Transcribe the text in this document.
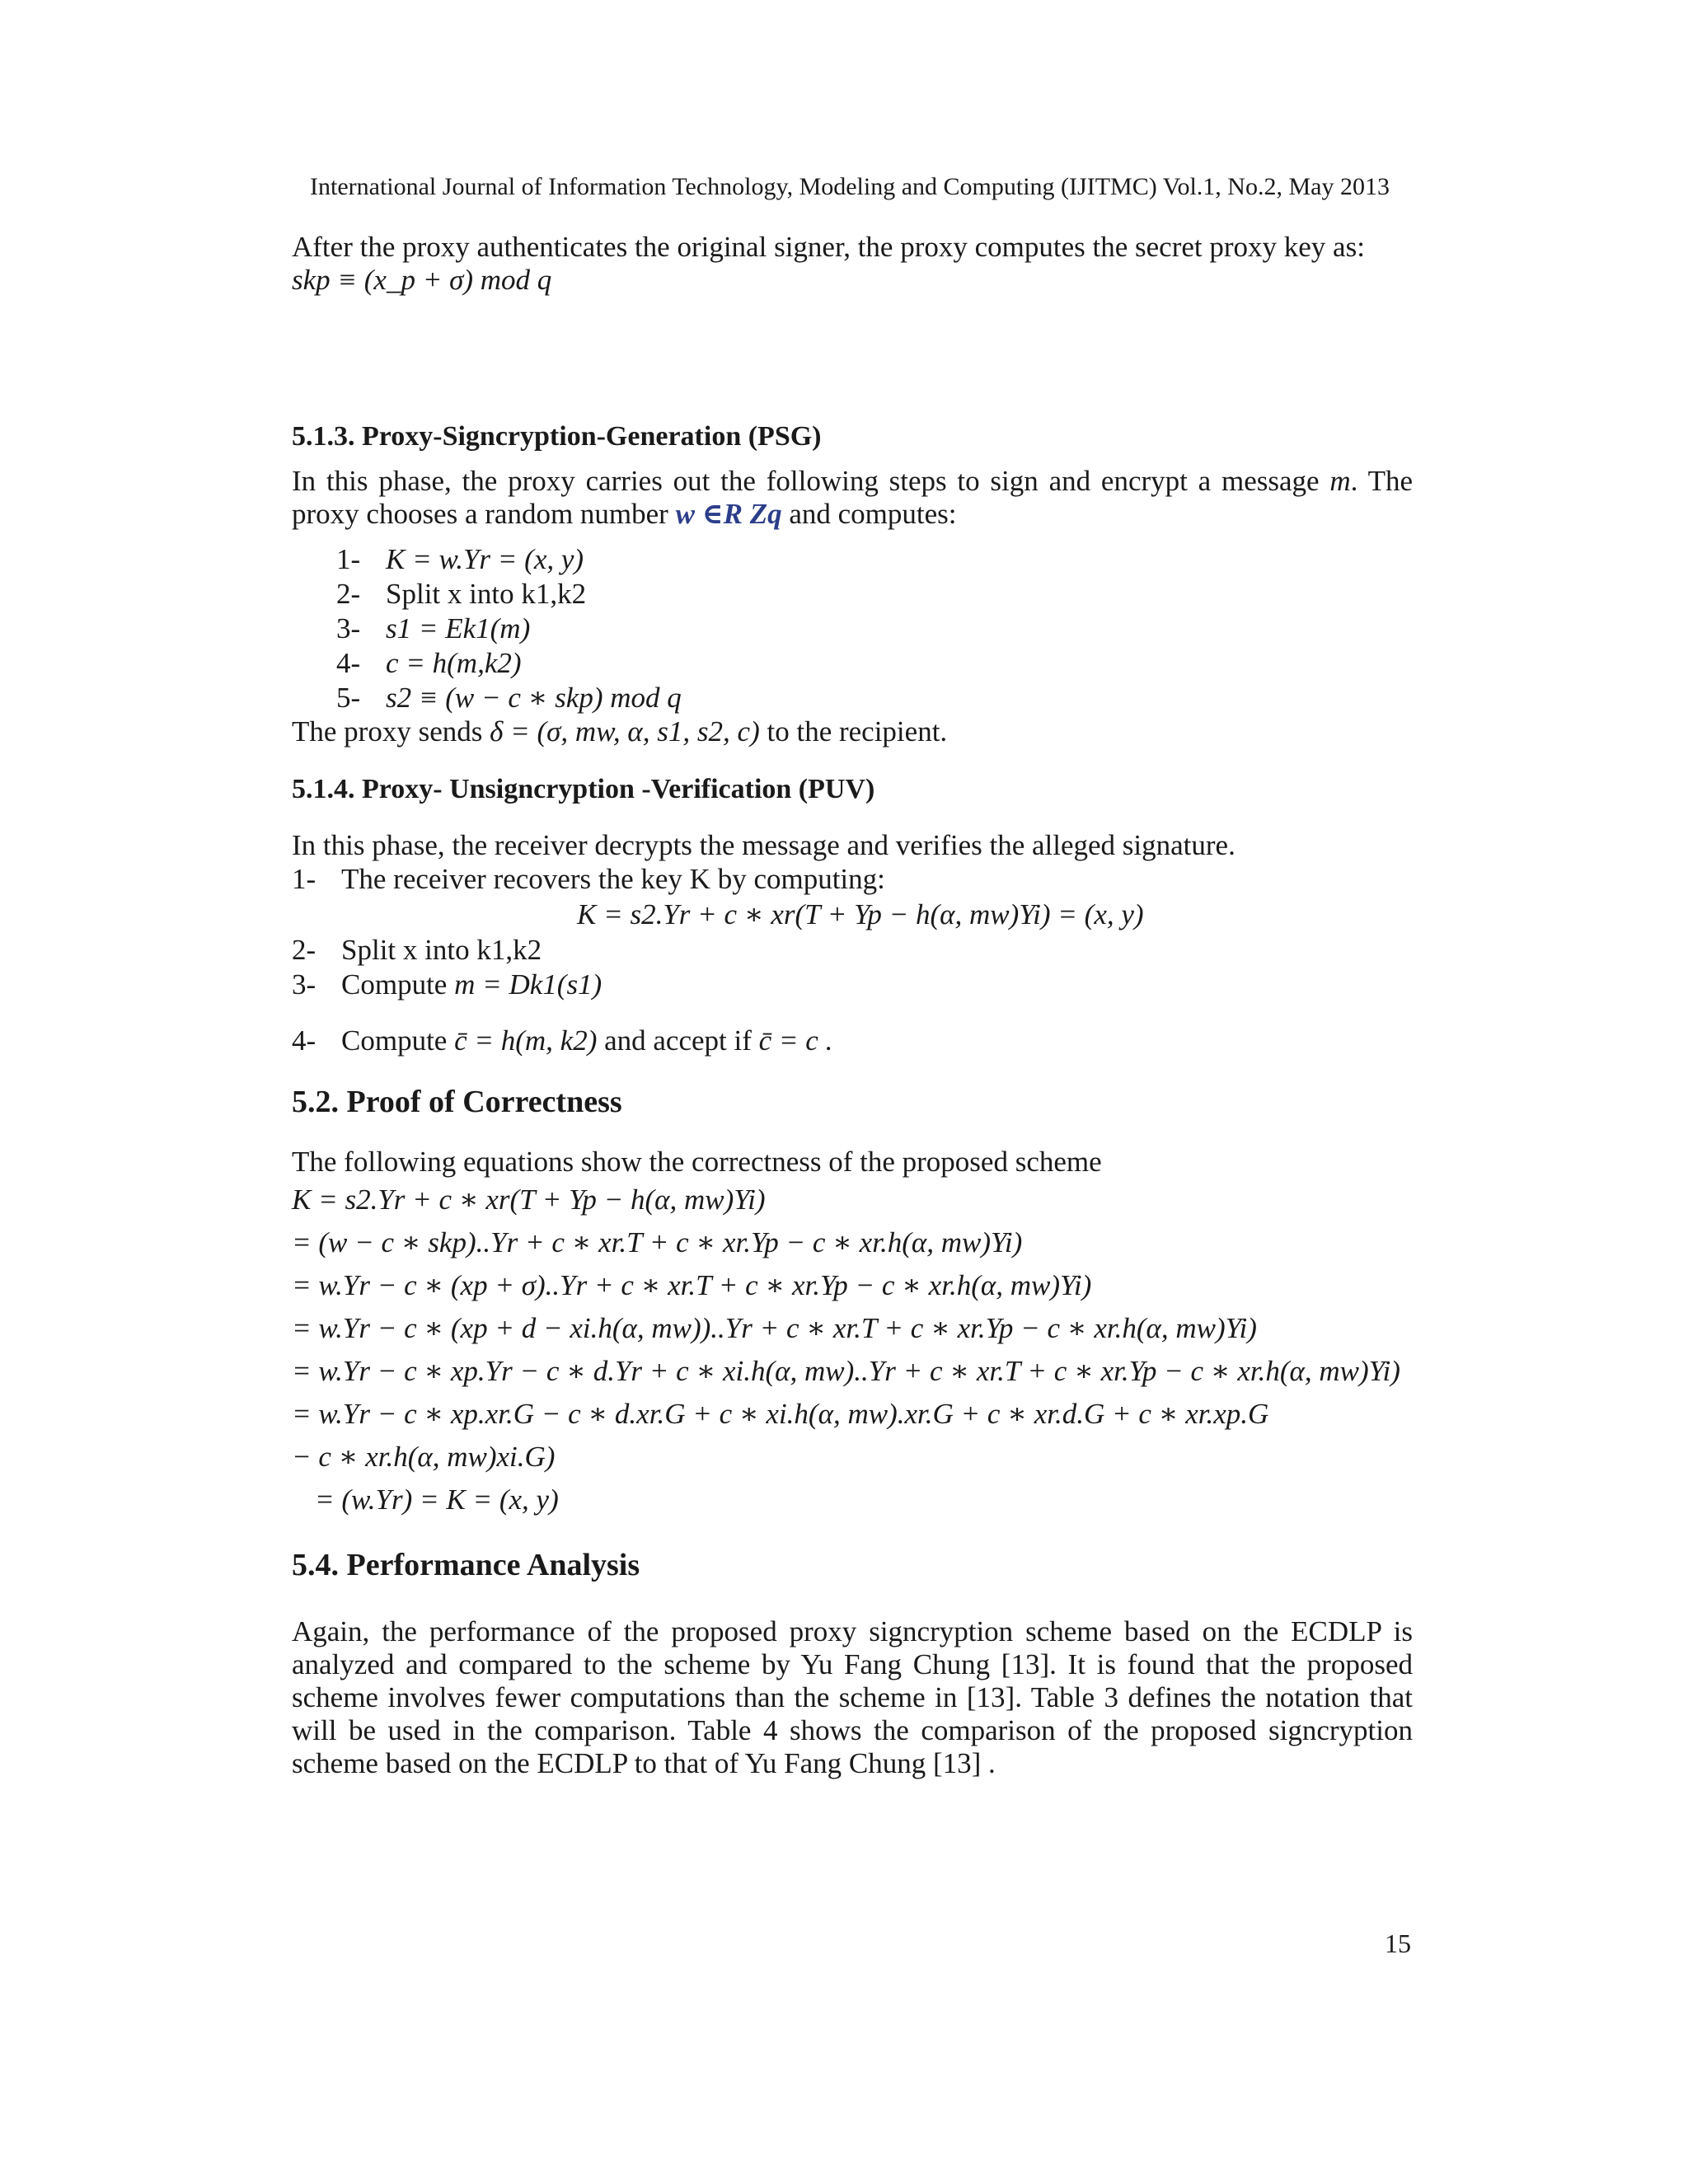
International Journal of Information Technology, Modeling and Computing (IJITMC) Vol.1, No.2, May 2013

After the proxy authenticates the original signer, the proxy computes the secret proxy key as:
skp ≡ (x_p + σ) mod q

5.1.3. Proxy-Signcryption-Generation (PSG)

In this phase, the proxy carries out the following steps to sign and encrypt a message m. The proxy chooses a random number w ∈R Zq and computes:

1- K = w.Yr = (x, y)
2- Split x into k1,k2
3- s1 = Ek1(m)
4- c = h(m,k2)
5- s2 ≡ (w − c ∗ skp) mod q

The proxy sends δ = (σ, mw, α, s1, s2, c) to the recipient.

5.1.4. Proxy- Unsigncryption -Verification (PUV)

In this phase, the receiver decrypts the message and verifies the alleged signature.

1- The receiver recovers the key K by computing:
K = s2.Yr + c ∗ xr(T + Yp − h(α, mw)Yi) = (x, y)
2- Split x into k1,k2
3- Compute m = Dk1(s1)
4- Compute c̄ = h(m, k2) and accept if c̄ = c .
5.2. Proof of Correctness

The following equations show the correctness of the proposed scheme

K = s2.Yr + c ∗ xr(T + Yp − h(α, mw)Yi)
= (w − c ∗ skp)..Yr + c ∗ xr.T + c ∗ xr.Yp − c ∗ xr.h(α, mw)Yi)
= w.Yr − c ∗ (xp + σ)..Yr + c ∗ xr.T + c ∗ xr.Yp − c ∗ xr.h(α, mw)Yi)
= w.Yr − c ∗ (xp + d − xi.h(α, mw))..Yr + c ∗ xr.T + c ∗ xr.Yp − c ∗ xr.h(α, mw)Yi)
= w.Yr − c ∗ xp.Yr − c ∗ d.Yr + c ∗ xi.h(α, mw)..Yr + c ∗ xr.T + c ∗ xr.Yp − c ∗ xr.h(α, mw)Yi)
= w.Yr − c ∗ xp.xr.G − c ∗ d.xr.G + c ∗ xi.h(α, mw).xr.G + c ∗ xr.d.G + c ∗ xr.xp.G
− c ∗ xr.h(α, mw)xi.G)
= (w.Yr) = K = (x, y)
5.4. Performance Analysis

Again, the performance of the proposed proxy signcryption scheme based on the ECDLP is analyzed and compared to the scheme by Yu Fang Chung [13]. It is found that the proposed scheme involves fewer computations than the scheme in [13]. Table 3 defines the notation that will be used in the comparison. Table 4 shows the comparison of the proposed signcryption scheme based on the ECDLP to that of Yu Fang Chung [13] .

15
